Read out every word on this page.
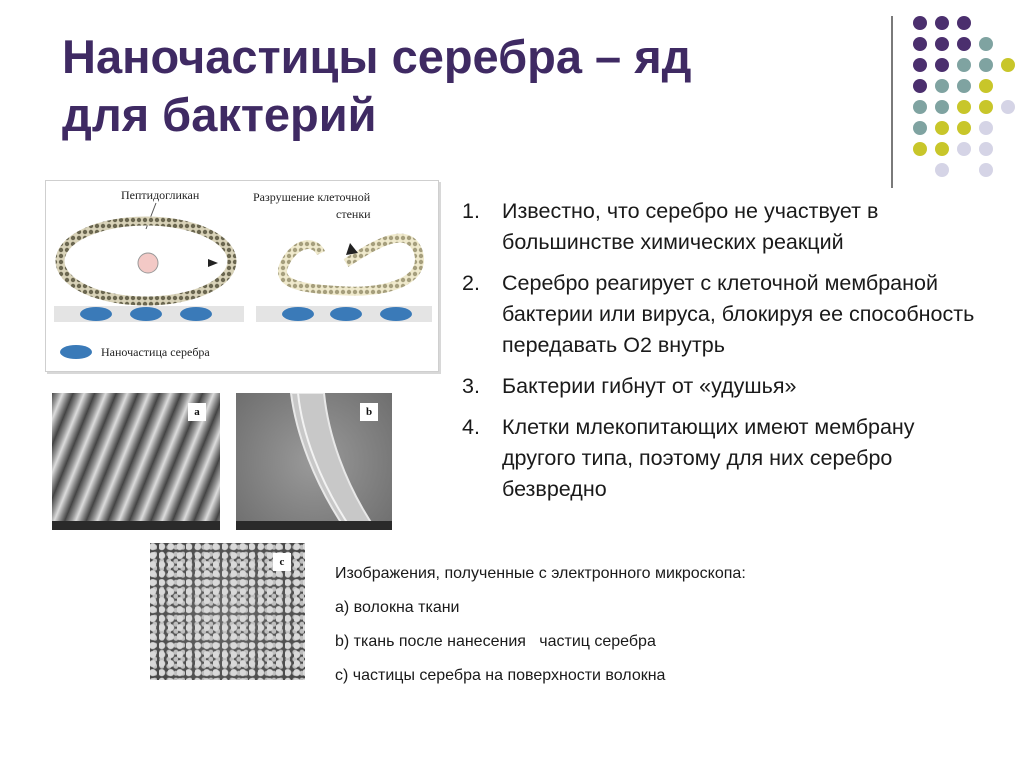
Наночастицы серебра – яд
для бактерий
Пептидогликан	Разрушение клеточной
стенки
Наночастица серебра
a	b
c
1. Известно, что серебро не участвует в большинстве химических реакций
2. Серебро реагирует с клеточной мембраной бактерии или вируса, блокируя ее способность передавать O2 внутрь
3. Бактерии гибнут от «удушья»
4. Клетки млекопитающих имеют мембрану другого типа, поэтому для них серебро безвредно

Изображения, полученные с электронного микроскопа:

a) волокна ткани

b) ткань после нанесения   частиц серебра

c) частицы серебра на поверхности волокна
